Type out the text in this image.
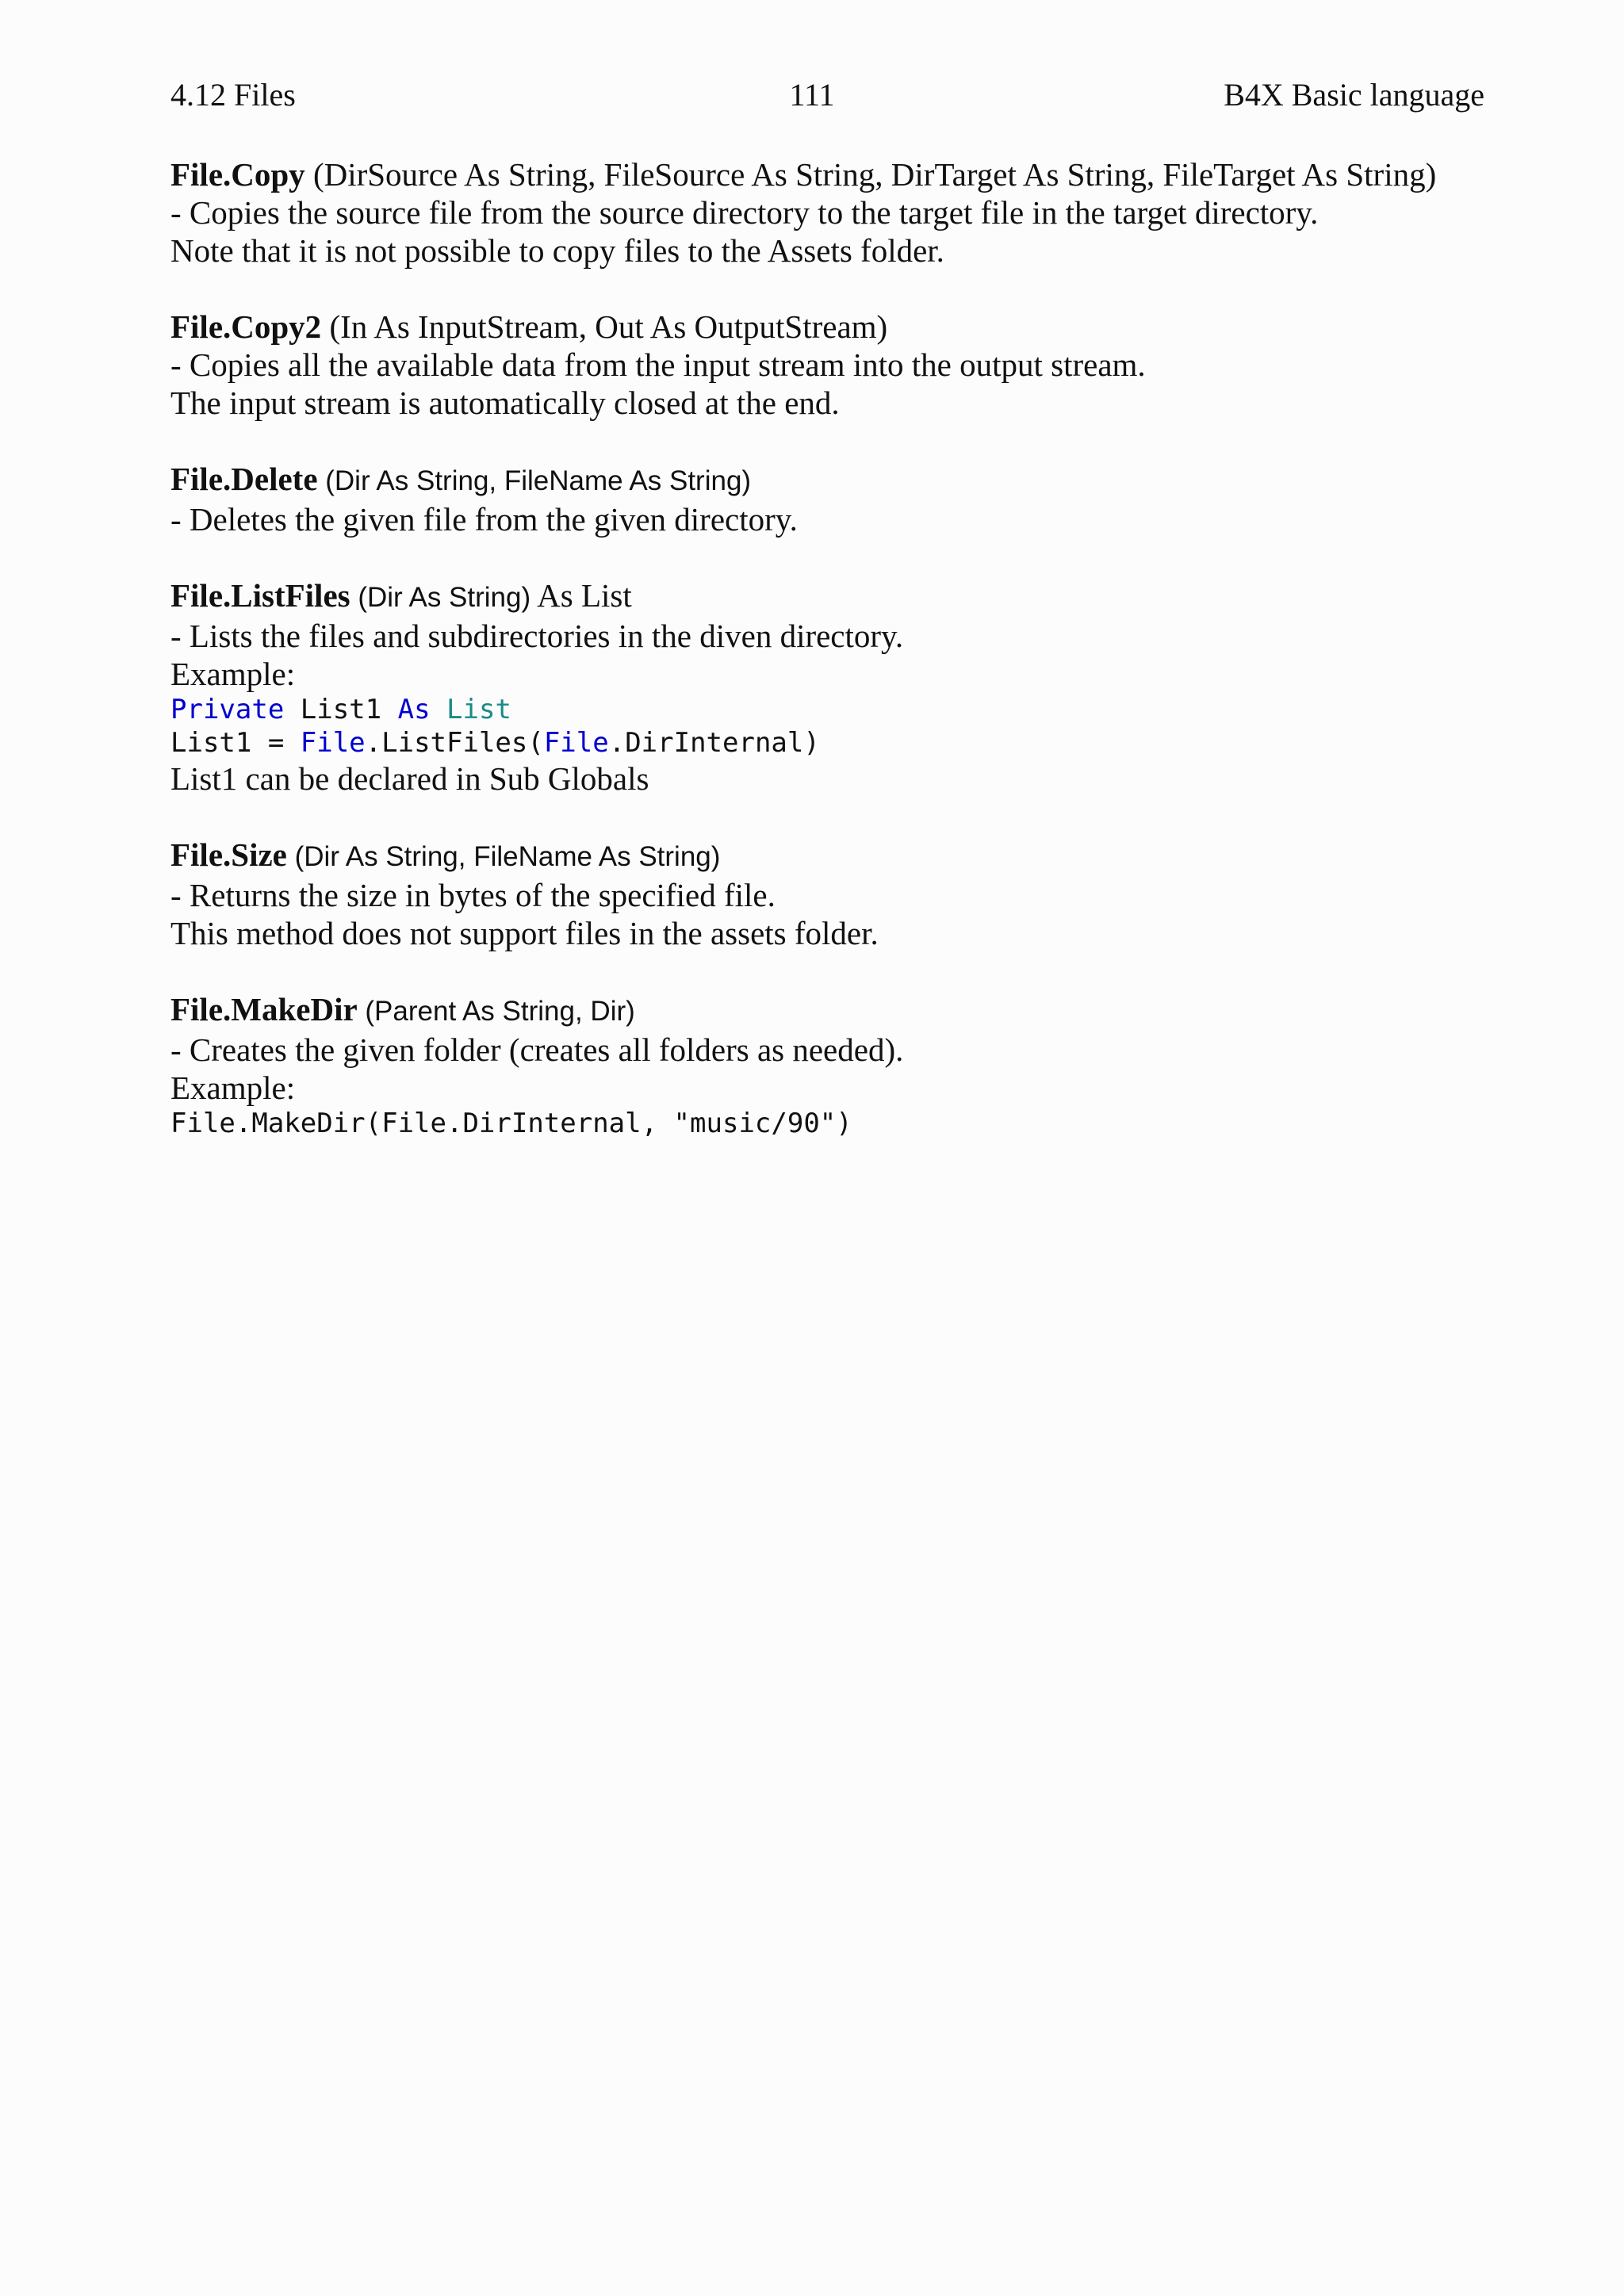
4.12 Files	111	B4X Basic language
File.Copy (DirSource As String, FileSource As String, DirTarget As String, FileTarget As String)
- Copies the source file from the source directory to the target file in the target directory.
Note that it is not possible to copy files to the Assets folder.
File.Copy2 (In As InputStream, Out As OutputStream)
- Copies all the available data from the input stream into the output stream.
The input stream is automatically closed at the end.
File.Delete (Dir As String, FileName As String)
- Deletes the given file from the given directory.
File.ListFiles (Dir As String) As List
- Lists the files and subdirectories in the diven directory.
Example:
Private List1 As List
List1 = File.ListFiles(File.DirInternal)
List1 can be declared in Sub Globals
File.Size (Dir As String, FileName As String)
- Returns the size in bytes of the specified file.
This method does not support files in the assets folder.
File.MakeDir (Parent As String, Dir)
- Creates the given folder (creates all folders as needed).
Example:
File.MakeDir(File.DirInternal, "music/90")
